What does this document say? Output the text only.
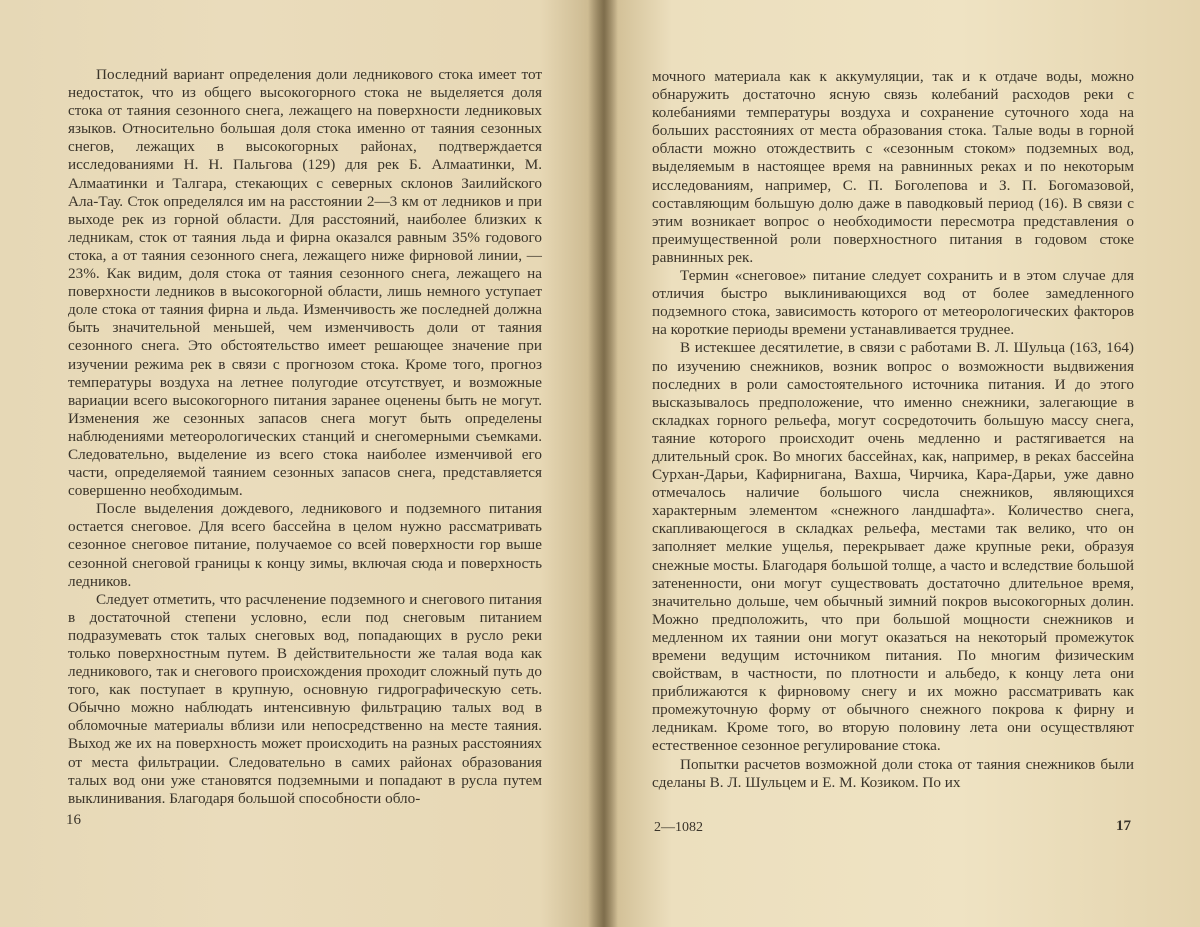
Последний вариант определения доли ледникового стока имеет тот недостаток, что из общего высокогорного стока не выделяется доля стока от таяния сезонного снега, лежащего на поверхности ледниковых языков. Относительно большая доля стока именно от таяния сезонных снегов, лежащих в высокогорных районах, подтверждается исследованиями Н. Н. Пальгова (129) для рек Б. Алмаатинки, М. Алмаатинки и Талгара, стекающих с северных склонов Заилийского Ала-Тау. Сток определялся им на расстоянии 2—3 км от ледников и при выходе рек из горной области. Для расстояний, наиболее близких к ледникам, сток от таяния льда и фирна оказался равным 35% годового стока, а от таяния сезонного снега, лежащего ниже фирновой линии, — 23%. Как видим, доля стока от таяния сезонного снега, лежащего на поверхности ледников в высокогорной области, лишь немного уступает доле стока от таяния фирна и льда. Изменчивость же последней должна быть значительной меньшей, чем изменчивость доли от таяния сезонного снега. Это обстоятельство имеет решающее значение при изучении режима рек в связи с прогнозом стока. Кроме того, прогноз температуры воздуха на летнее полугодие отсутствует, и возможные вариации всего высокогорного питания заранее оценены быть не могут. Изменения же сезонных запасов снега могут быть определены наблюдениями метеорологических станций и снегомерными съемками. Следовательно, выделение из всего стока наиболее изменчивой его части, определяемой таянием сезонных запасов снега, представляется совершенно необходимым.

После выделения дождевого, ледникового и подземного питания остается снеговое. Для всего бассейна в целом нужно рассматривать сезонное снеговое питание, получаемое со всей поверхности гор выше сезонной снеговой границы к концу зимы, включая сюда и поверхность ледников.

Следует отметить, что расчленение подземного и снегового питания в достаточной степени условно, если под снеговым питанием подразумевать сток талых снеговых вод, попадающих в русло реки только поверхностным путем. В действительности же талая вода как ледникового, так и снегового происхождения проходит сложный путь до того, как поступает в крупную, основную гидрографическую сеть. Обычно можно наблюдать интенсивную фильтрацию талых вод в обломочные материалы вблизи или непосредственно на месте таяния. Выход же их на поверхность может происходить на разных расстояниях от места фильтрации. Следовательно в самих районах образования талых вод они уже становятся подземными и попадают в русла путем выклинивания. Благодаря большой способности обло-

16

мочного материала как к аккумуляции, так и к отдаче воды, можно обнаружить достаточно ясную связь колебаний расходов реки с колебаниями температуры воздуха и сохранение суточного хода на больших расстояниях от места образования стока. Талые воды в горной области можно отождествить с «сезонным стоком» подземных вод, выделяемым в настоящее время на равнинных реках и по некоторым исследованиям, например, С. П. Боголепова и З. П. Богомазовой, составляющим большую долю даже в паводковый период (16). В связи с этим возникает вопрос о необходимости пересмотра представления о преимущественной роли поверхностного питания в годовом стоке равнинных рек.

Термин «снеговое» питание следует сохранить и в этом случае для отличия быстро выклинивающихся вод от более замедленного подземного стока, зависимость которого от метеорологических факторов на короткие периоды времени устанавливается труднее.

В истекшее десятилетие, в связи с работами В. Л. Шульца (163, 164) по изучению снежников, возник вопрос о возможности выдвижения последних в роли самостоятельного источника питания. И до этого высказывалось предположение, что именно снежники, залегающие в складках горного рельефа, могут сосредоточить большую массу снега, таяние которого происходит очень медленно и растягивается на длительный срок. Во многих бассейнах, как, например, в реках бассейна Сурхан-Дарьи, Кафирнигана, Вахша, Чирчика, Кара-Дарьи, уже давно отмечалось наличие большого числа снежников, являющихся характерным элементом «снежного ландшафта». Количество снега, скапливающегося в складках рельефа, местами так велико, что он заполняет мелкие ущелья, перекрывает даже крупные реки, образуя снежные мосты. Благодаря большой толще, а часто и вследствие большой затененности, они могут существовать достаточно длительное время, значительно дольше, чем обычный зимний покров высокогорных долин. Можно предположить, что при большой мощности снежников и медленном их таянии они могут оказаться на некоторый промежуток времени ведущим источником питания. По многим физическим свойствам, в частности, по плотности и альбедо, к концу лета они приближаются к фирновому снегу и их можно рассматривать как промежуточную форму от обычного снежного покрова к фирну и ледникам. Кроме того, во вторую половину лета они осуществляют естественное сезонное регулирование стока.

Попытки расчетов возможной доли стока от таяния снежников были сделаны В. Л. Шульцем и Е. М. Козиком. По их

2—1082	17
